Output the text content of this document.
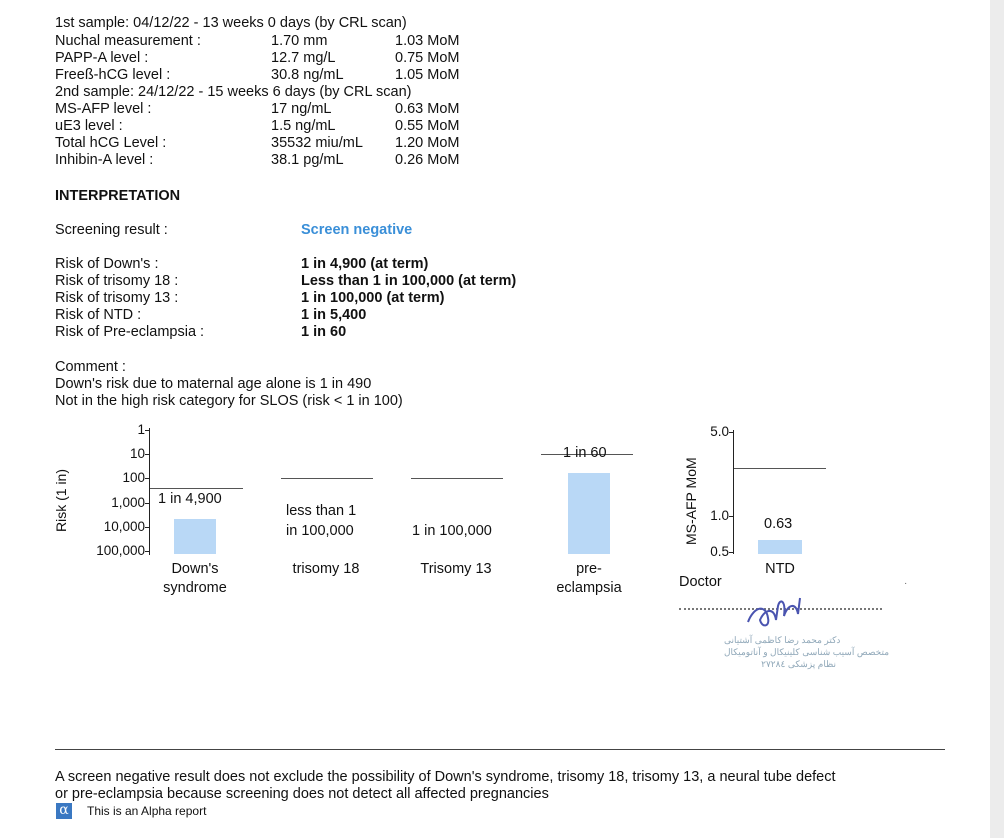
1st sample: 04/12/22 - 13 weeks 0 days (by CRL scan)
Nuchal measurement :	1.70 mm	1.03 MoM
PAPP-A level :	12.7 mg/L	0.75 MoM
Freeß-hCG level :	30.8 ng/mL	1.05 MoM
2nd sample: 24/12/22 - 15 weeks 6 days (by CRL scan)
MS-AFP level :	17 ng/mL	0.63 MoM
uE3 level :	1.5 ng/mL	0.55 MoM
Total hCG Level :	35532 miu/mL 1.20 MoM
Inhibin-A level :	38.1 pg/mL	0.26 MoM
INTERPRETATION
Screening result :	Screen negative
Risk of Down's :	1 in 4,900 (at term)
Risk of trisomy 18 :	Less than 1 in 100,000 (at term)
Risk of trisomy 13 :	1 in 100,000 (at term)
Risk of NTD :	1 in 5,400
Risk of Pre-eclampsia :	1 in 60
Comment :
Down's risk due to maternal age alone is 1 in 490
Not in the high risk category for SLOS (risk < 1 in 100)
Risk (1 in)
1
10
100
1,000
10,000
100,000
1 in 4,900
Down's
syndrome
less than 1
in 100,000
trisomy 18
1 in 100,000
Trisomy 13
1 in 60
pre-
eclampsia
MS-AFP MoM
5.0
1.0
0.5
0.63
NTD
Doctor	·
دکتر محمد رضا کاظمی آشتیانی
متخصص آسیب شناسی کلینیکال و آناتومیکال
نظام پزشکی ۲۷۲۸٤
A screen negative result does not exclude the possibility of Down's syndrome, trisomy 18, trisomy 13, a neural tube defect
or pre-eclampsia because screening does not detect all affected pregnancies
α This is an Alpha report
